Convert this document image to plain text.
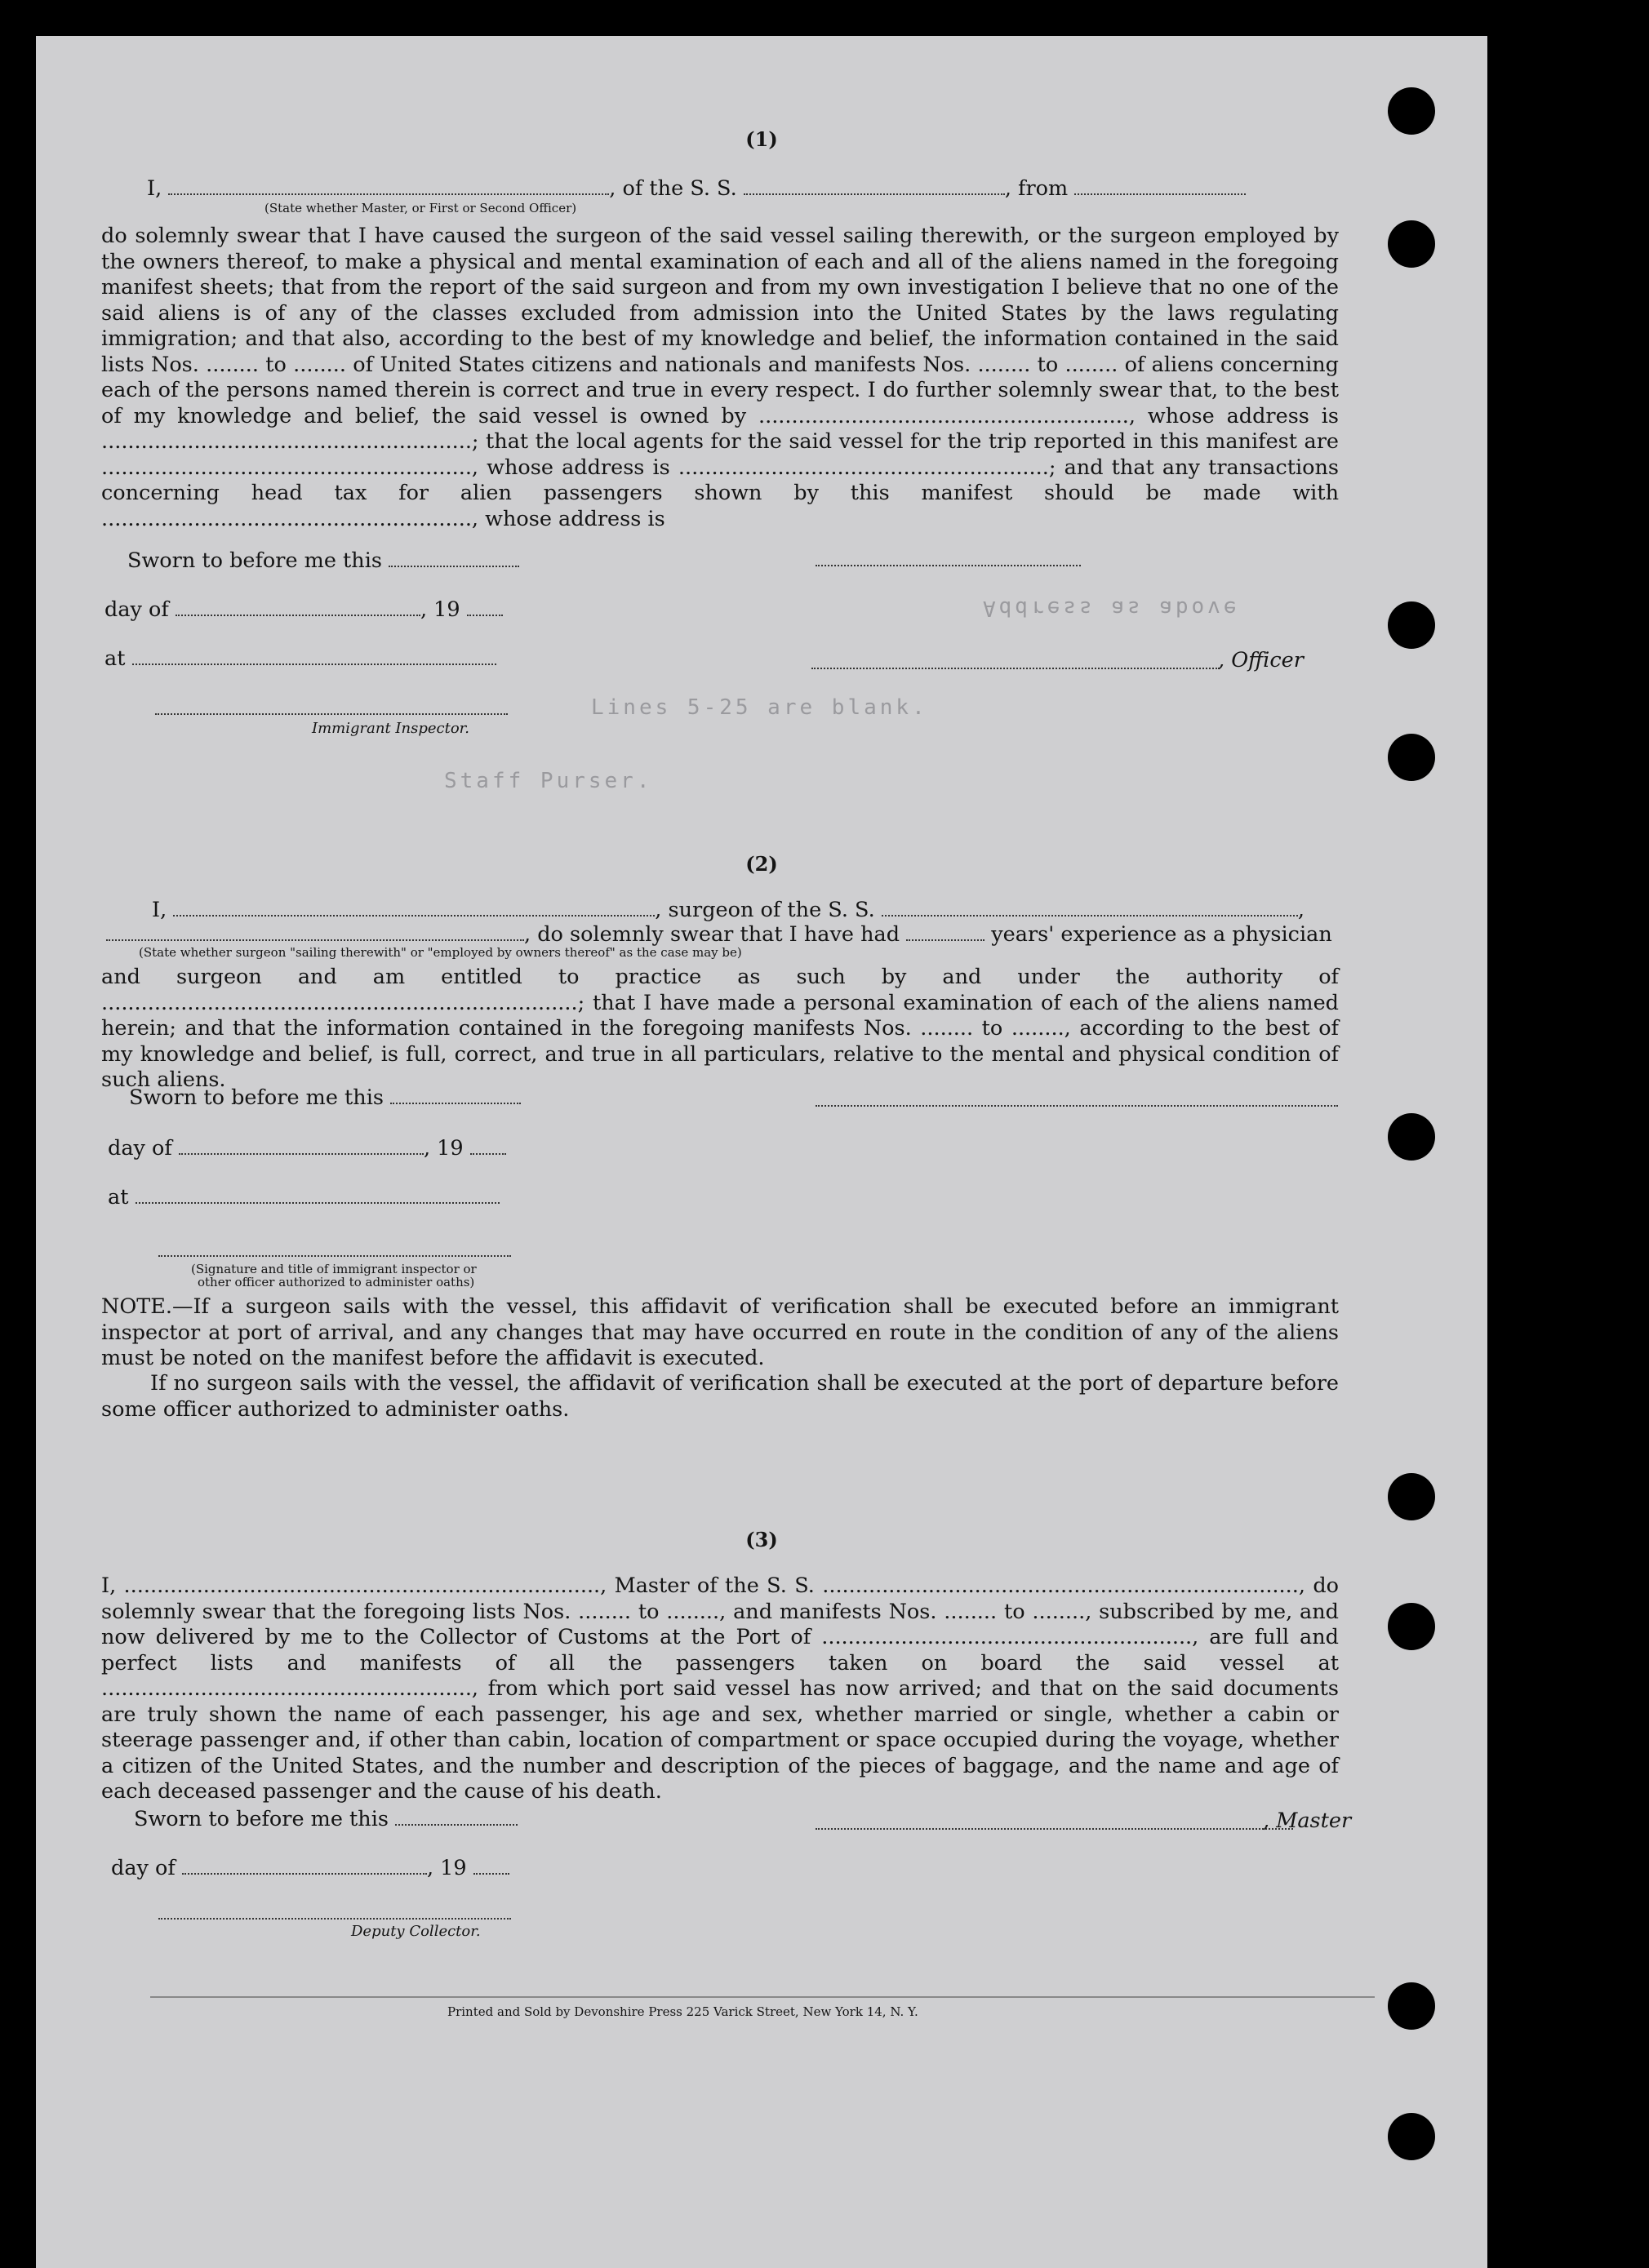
Lines 5-25 are blank.
Staff Purser.
Address as above
(1)
I,	, of the S. S.	, from
(State whether Master, or First or Second Officer)
do solemnly swear that I have caused the surgeon of the said vessel sailing therewith, or the surgeon employed by the owners thereof, to make a physical and mental examination of each and all of the aliens named in the foregoing manifest sheets; that from the report of the said surgeon and from my own investigation I believe that no one of the said aliens is of any of the classes excluded from admission into the United States by the laws regulating immigration; and that also, according to the best of my knowledge and belief, the information contained in the said lists Nos. ........ to ........ of United States citizens and nationals and manifests Nos. ........ to ........ of aliens concerning each of the persons named therein is correct and true in every respect. I do further solemnly swear that, to the best of my knowledge and belief, the said vessel is owned by ........................................................, whose address is ........................................................; that the local agents for the said vessel for the trip reported in this manifest are ........................................................, whose address is ........................................................; and that any transactions concerning head tax for alien passengers shown by this manifest should be made with ........................................................, whose address is
Sworn to before me this
day of	, 19
at	, Officer
Immigrant Inspector.
(2)
I,	, surgeon of the S. S.	,
, do solemnly swear that I have had	years' experience as a physician
(State whether surgeon "sailing therewith" or "employed by owners thereof" as the case may be)
and surgeon and am entitled to practice as such by and under the authority of ........................................................................; that I have made a personal examination of each of the aliens named herein; and that the information contained in the foregoing manifests Nos. ........ to ........, according to the best of my knowledge and belief, is full, correct, and true in all particulars, relative to the mental and physical condition of such aliens.
Sworn to before me this
day of	, 19
at
(Signature and title of immigrant inspector or
other officer authorized to administer oaths)
NOTE.—If a surgeon sails with the vessel, this affidavit of verification shall be executed before an immigrant inspector at port of arrival, and any changes that may have occurred en route in the condition of any of the aliens must be noted on the manifest before the affidavit is executed.
If no surgeon sails with the vessel, the affidavit of verification shall be executed at the port of departure before some officer authorized to administer oaths.
(3)
I, ........................................................................, Master of the S. S. ........................................................................, do solemnly swear that the foregoing lists Nos. ........ to ........, and manifests Nos. ........ to ........, subscribed by me, and now delivered by me to the Collector of Customs at the Port of ........................................................, are full and perfect lists and manifests of all the passengers taken on board the said vessel at ........................................................, from which port said vessel has now arrived; and that on the said documents are truly shown the name of each passenger, his age and sex, whether married or single, whether a cabin or steerage passenger and, if other than cabin, location of compartment or space occupied during the voyage, whether a citizen of the United States, and the number and description of the pieces of baggage, and the name and age of each deceased passenger and the cause of his death.
Sworn to before me this	, Master
day of	, 19
Deputy Collector.
Printed and Sold by Devonshire Press 225 Varick Street, New York 14, N. Y.
